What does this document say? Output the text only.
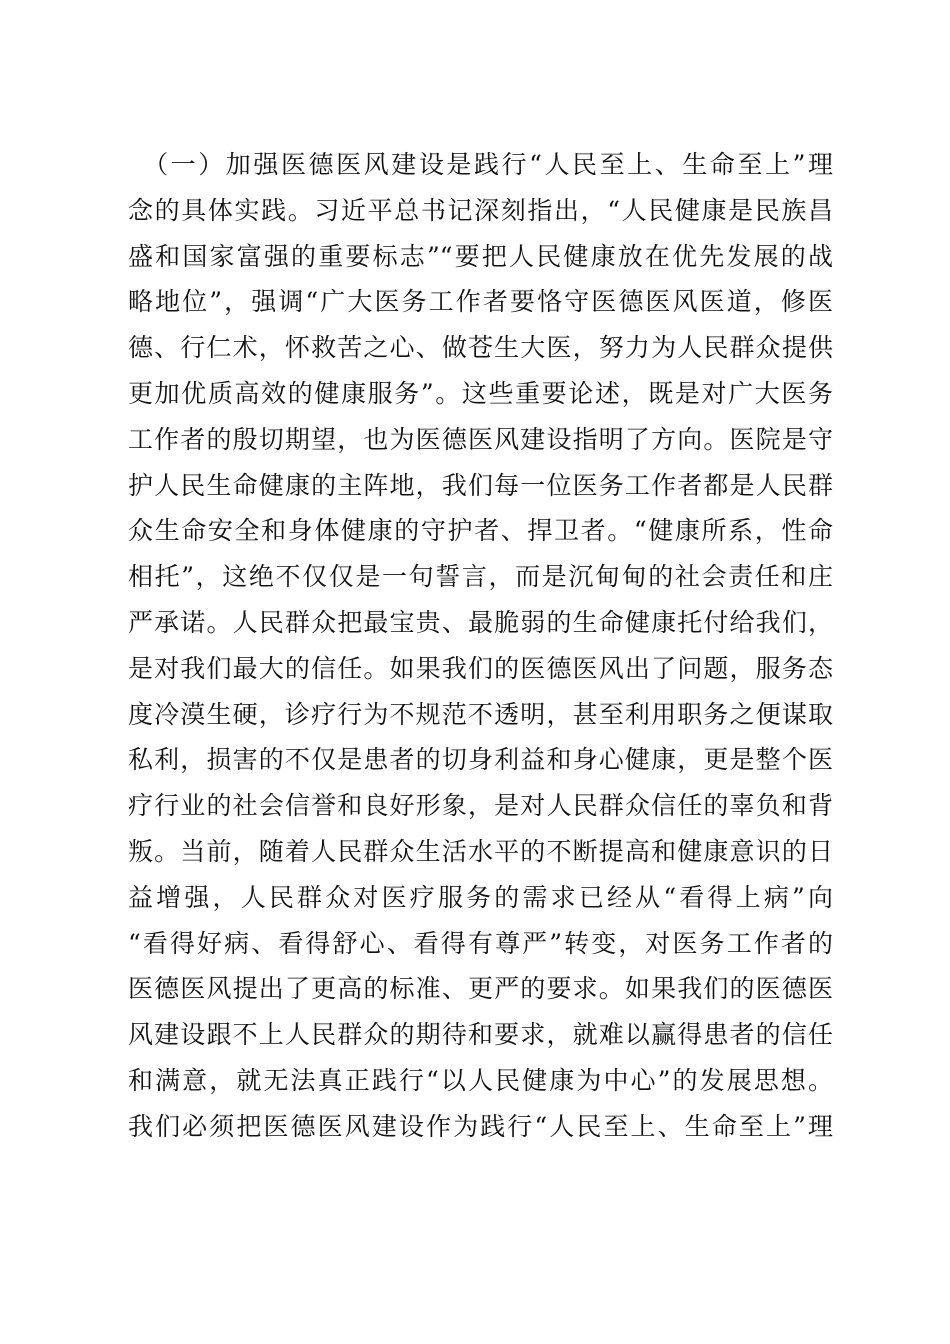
　（一）加强医德医风建设是践行“人民至上、生命至上”理
念的具体实践。习近平总书记深刻指出，“人民健康是民族昌
盛和国家富强的重要标志”“要把人民健康放在优先发展的战
略地位”，强调“广大医务工作者要恪守医德医风医道，修医
德、行仁术，怀救苦之心、做苍生大医，努力为人民群众提供
更加优质高效的健康服务”。这些重要论述，既是对广大医务
工作者的殷切期望，也为医德医风建设指明了方向。医院是守
护人民生命健康的主阵地，我们每一位医务工作者都是人民群
众生命安全和身体健康的守护者、捍卫者。“健康所系，性命
相托”，这绝不仅仅是一句誓言，而是沉甸甸的社会责任和庄
严承诺。人民群众把最宝贵、最脆弱的生命健康托付给我们，
是对我们最大的信任。如果我们的医德医风出了问题，服务态
度冷漠生硬，诊疗行为不规范不透明，甚至利用职务之便谋取
私利，损害的不仅是患者的切身利益和身心健康，更是整个医
疗行业的社会信誉和良好形象，是对人民群众信任的辜负和背
叛。当前，随着人民群众生活水平的不断提高和健康意识的日
益增强，人民群众对医疗服务的需求已经从“看得上病”向
“看得好病、看得舒心、看得有尊严”转变，对医务工作者的
医德医风提出了更高的标准、更严的要求。如果我们的医德医
风建设跟不上人民群众的期待和要求，就难以赢得患者的信任
和满意，就无法真正践行“以人民健康为中心”的发展思想。
我们必须把医德医风建设作为践行“人民至上、生命至上”理
